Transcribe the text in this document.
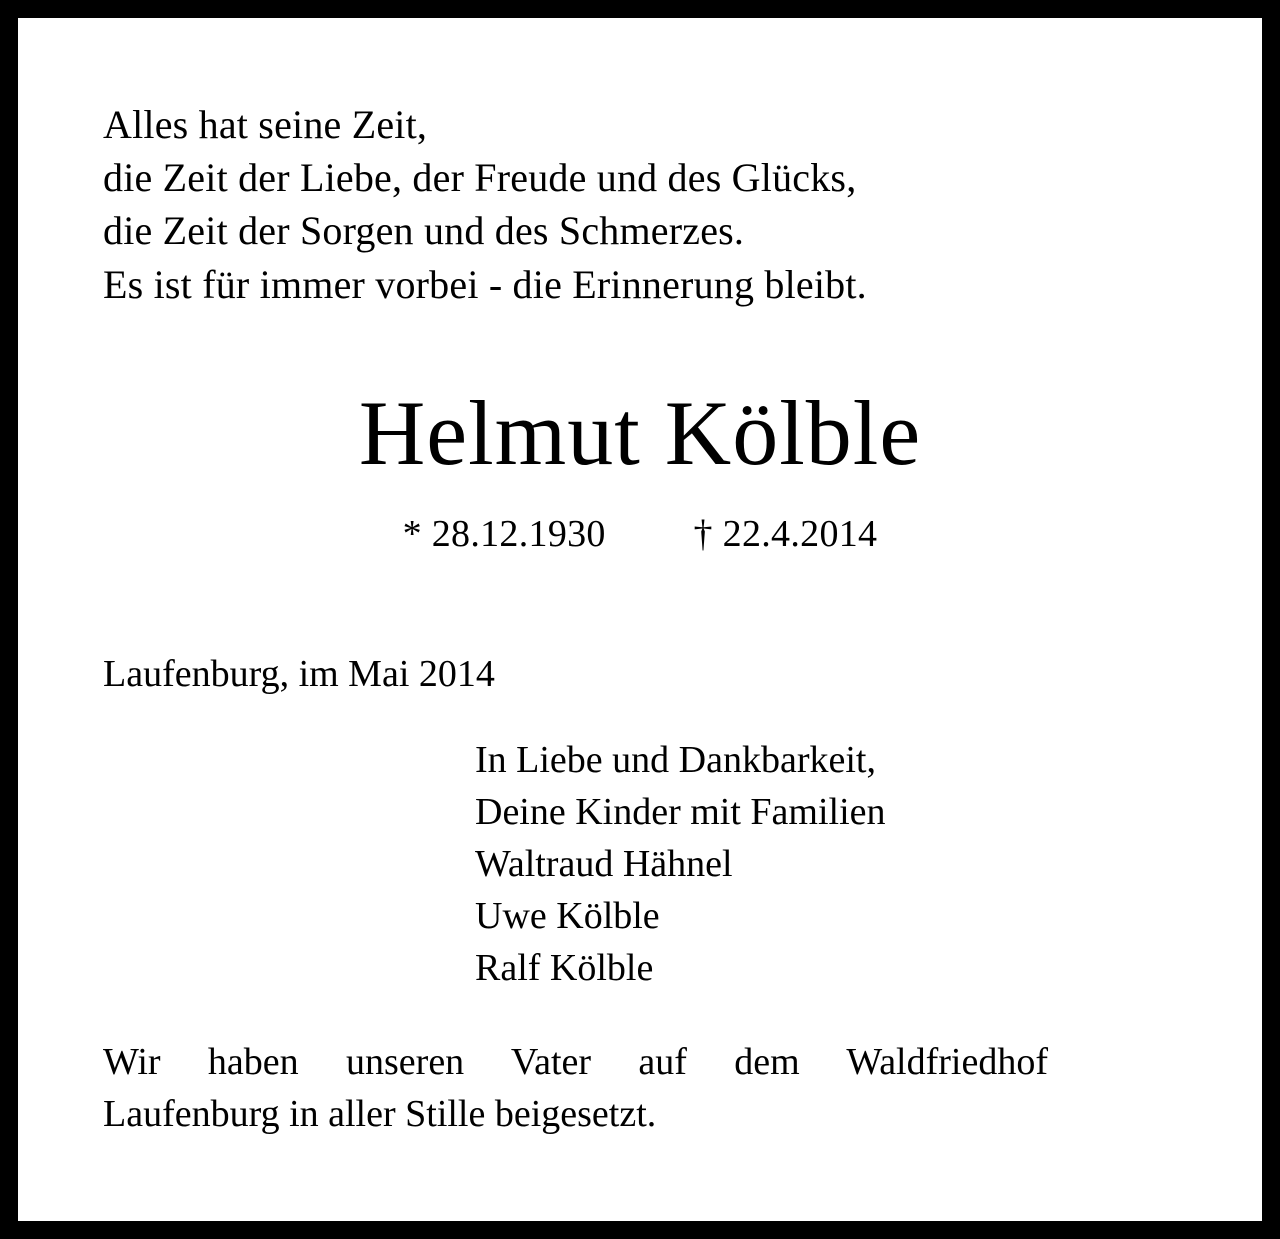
Alles hat seine Zeit,
die Zeit der Liebe, der Freude und des Glücks,
die Zeit der Sorgen und des Schmerzes.
Es ist für immer vorbei - die Erinnerung bleibt.
Helmut Kölble
* 28.12.1930 † 22.4.2014
Laufenburg, im Mai 2014
In Liebe und Dankbarkeit,
Deine Kinder mit Familien
Waltraud Hähnel
Uwe Kölble
Ralf Kölble
Wir haben unseren Vater auf dem Waldfriedhof
Laufenburg in aller Stille beigesetzt.
